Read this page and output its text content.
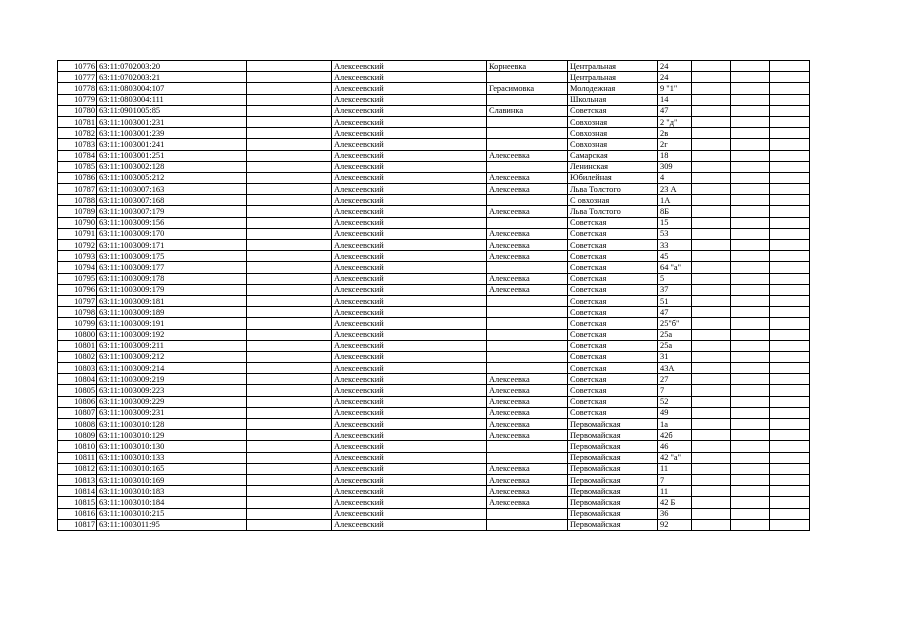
10776	63:11:0702003:20		Алексеевский	Корнеевка	Центральная	24			
10777	63:11:0702003:21		Алексеевский		Центральная	24			
10778	63:11:0803004:107		Алексеевский	Герасимовка	Молодежная	9 "1"			
10779	63:11:0803004:111		Алексеевский		Школьная	14			
10780	63:11:0901005:85		Алексеевский	Славинка	Советская	47			
10781	63:11:1003001:231		Алексеевский		Совхозная	2 "д"			
10782	63:11:1003001:239		Алексеевский		Совхозная	2в			
10783	63:11:1003001:241		Алексеевский		Совхозная	2г			
10784	63:11:1003001:251		Алексеевский	Алексеевка	Самарская	18			
10785	63:11:1003002:128		Алексеевский		Ленинская	309			
10786	63:11:1003005:212		Алексеевский	Алексеевка	Юбилейная	4			
10787	63:11:1003007:163		Алексеевский	Алексеевка	Льва Толстого	23 А			
10788	63:11:1003007:168		Алексеевский		С овхозная	1А			
10789	63:11:1003007:179		Алексеевский	Алексеевка	Льва Толстого	8Б			
10790	63:11:1003009:156		Алексеевский		Советская	15			
10791	63:11:1003009:170		Алексеевский	Алексеевка	Советская	53			
10792	63:11:1003009:171		Алексеевский	Алексеевка	Советская	33			
10793	63:11:1003009:175		Алексеевский	Алексеевка	Советская	45			
10794	63:11:1003009:177		Алексеевский		Советская	64 "а"			
10795	63:11:1003009:178		Алексеевский	Алексеевка	Советская	5			
10796	63:11:1003009:179		Алексеевский	Алексеевка	Советская	37			
10797	63:11:1003009:181		Алексеевский		Советская	51			
10798	63:11:1003009:189		Алексеевский		Советская	47			
10799	63:11:1003009:191		Алексеевский		Советская	25"б"			
10800	63:11:1003009:192		Алексеевский		Советская	25а			
10801	63:11:1003009:211		Алексеевский		Советская	25а			
10802	63:11:1003009:212		Алексеевский		Советская	31			
10803	63:11:1003009:214		Алексеевский		Советская	43А			
10804	63:11:1003009:219		Алексеевский	Алексеевка	Советская	27			
10805	63:11:1003009:223		Алексеевский	Алексеевка	Советская	7			
10806	63:11:1003009:229		Алексеевский	Алексеевка	Советская	52			
10807	63:11:1003009:231		Алексеевский	Алексеевка	Советская	49			
10808	63:11:1003010:128		Алексеевский	Алексеевка	Первомайская	1а			
10809	63:11:1003010:129		Алексеевский	Алексеевка	Первомайская	42б			
10810	63:11:1003010:130		Алексеевский		Первомайская	46			
10811	63:11:1003010:133		Алексеевский		Первомайская	42 "а"			
10812	63:11:1003010:165		Алексеевский	Алексеевка	Первомайская	11			
10813	63:11:1003010:169		Алексеевский	Алексеевка	Первомайская	7			
10814	63:11:1003010:183		Алексеевский	Алексеевка	Первомайская	11			
10815	63:11:1003010:184		Алексеевский	Алексеевка	Первомайская	42 Б			
10816	63:11:1003010:215		Алексеевский		Первомайская	36			
10817	63:11:1003011:95		Алексеевский		Первомайская	92			
